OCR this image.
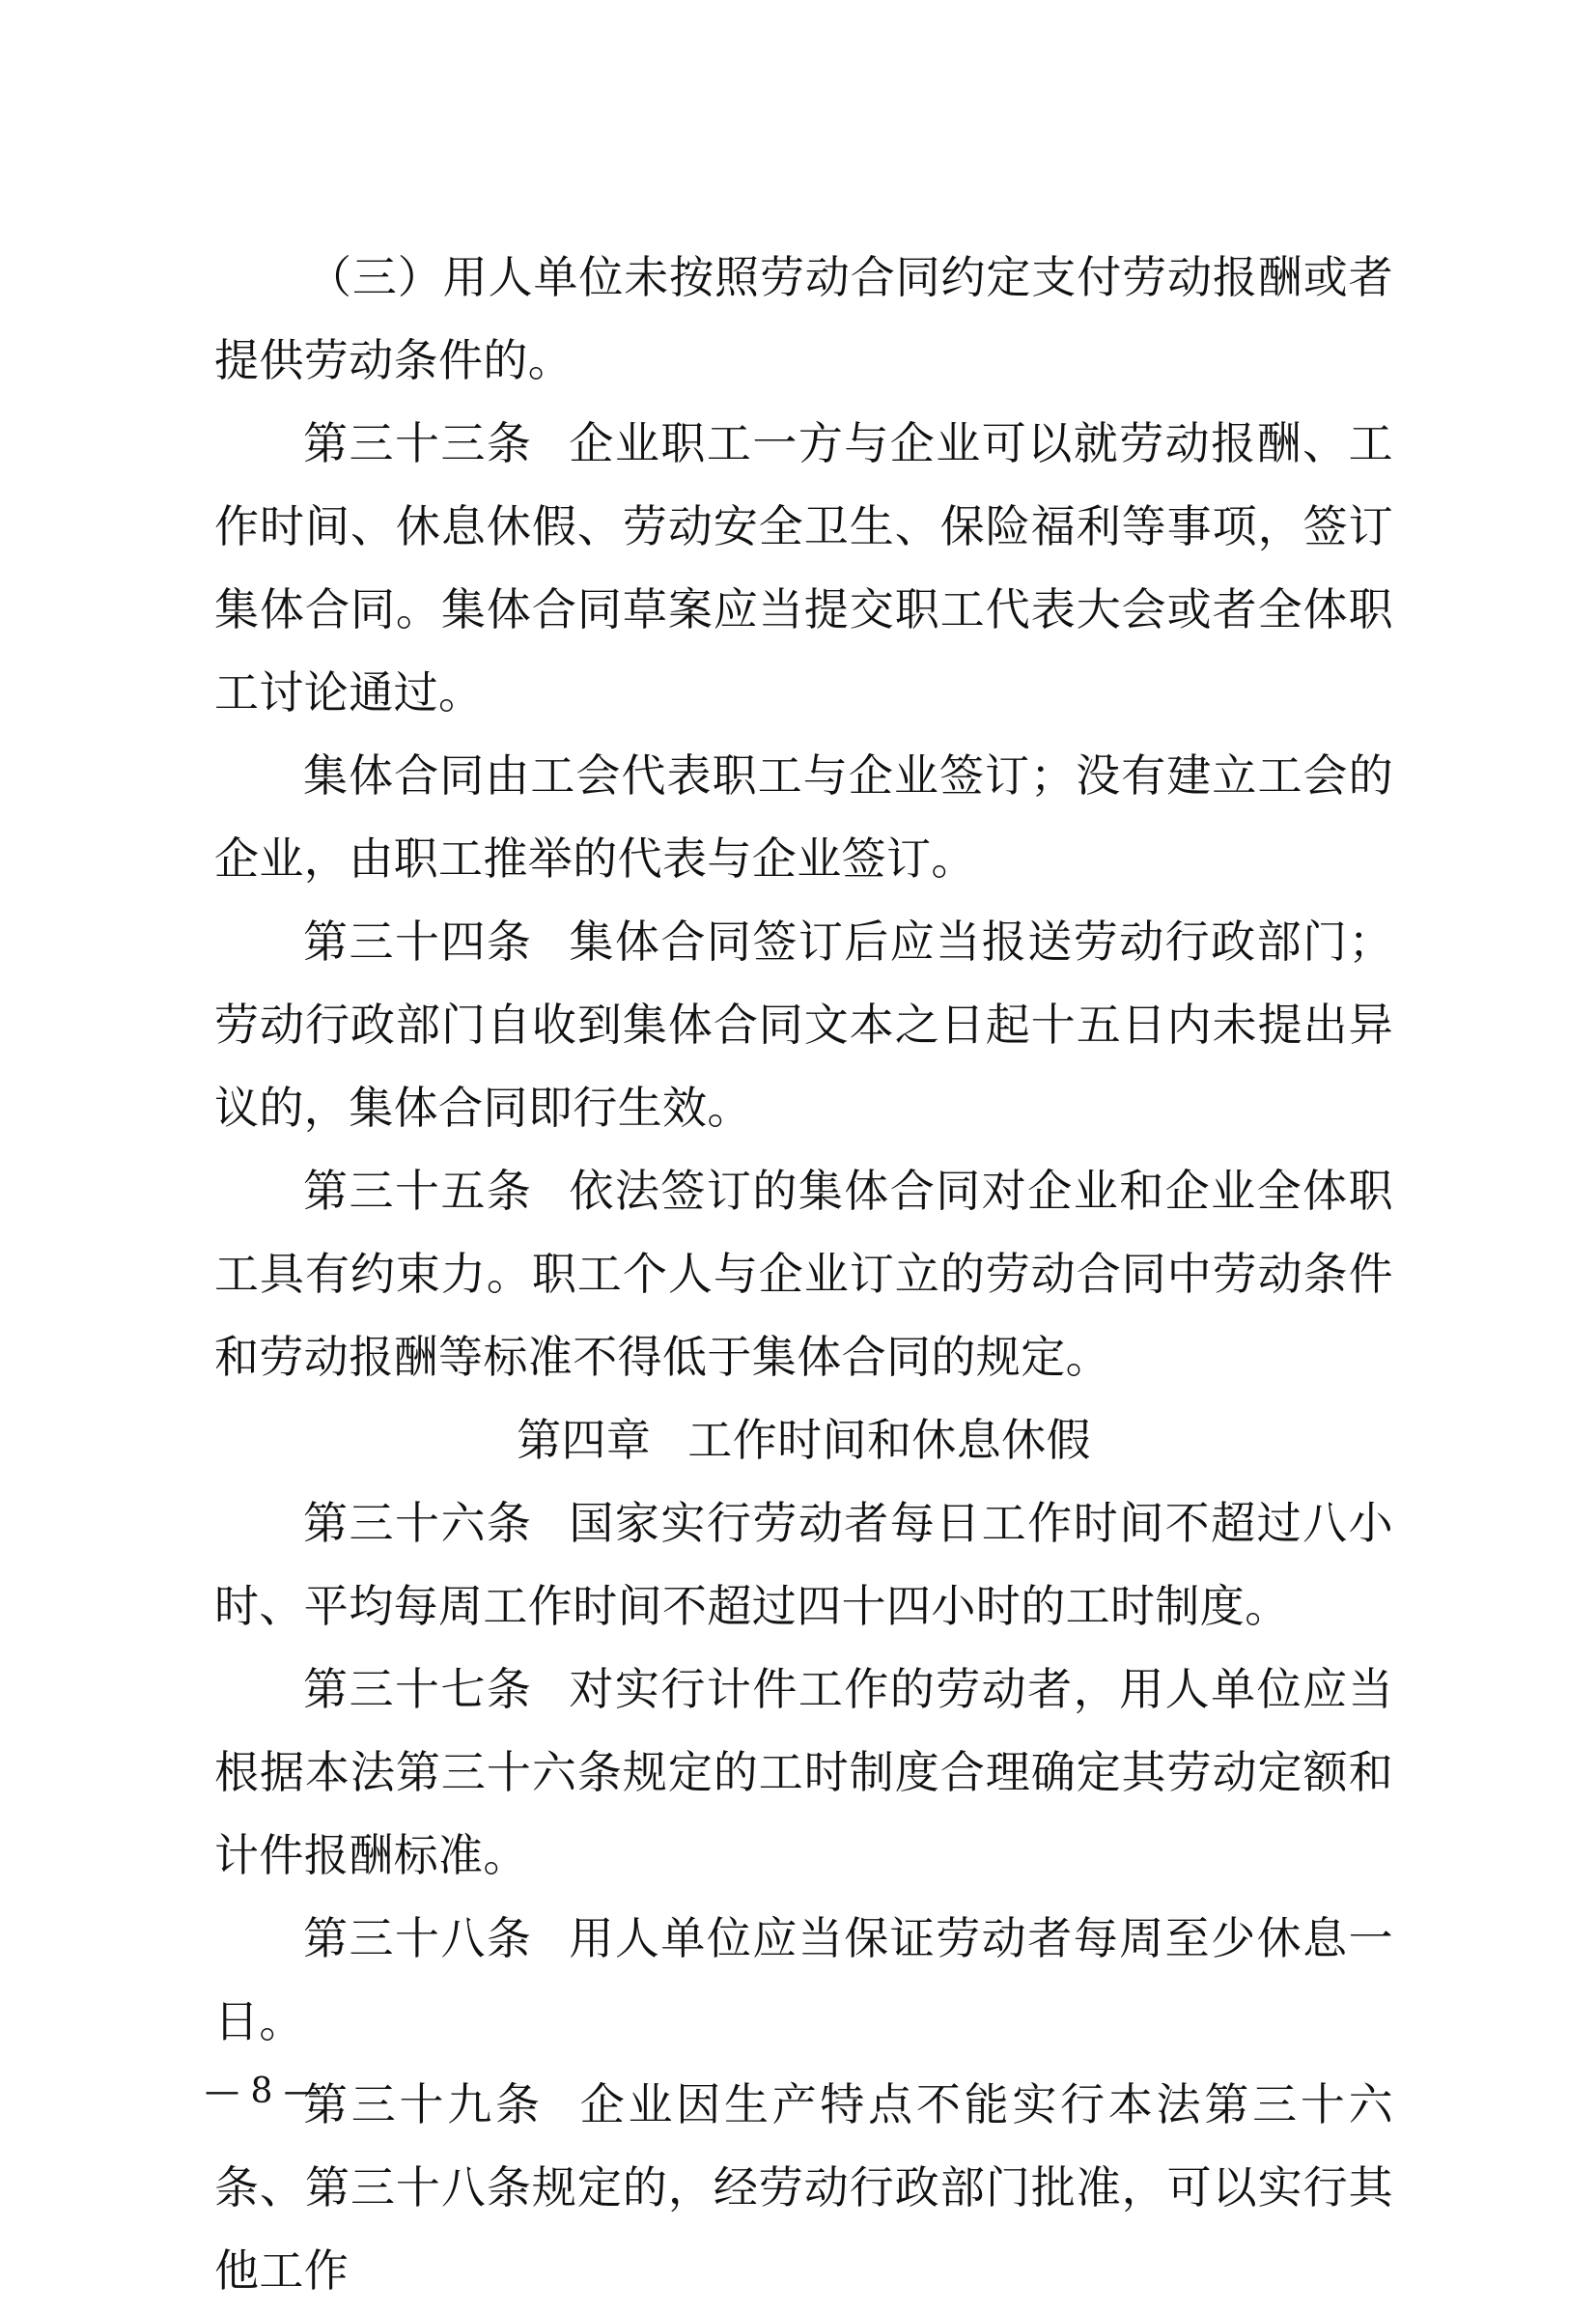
（三）用人单位未按照劳动合同约定支付劳动报酬或者提供劳动条件的。

第三十三条 企业职工一方与企业可以就劳动报酬、工作时间、休息休假、劳动安全卫生、保险福利等事项，签订集体合同。集体合同草案应当提交职工代表大会或者全体职工讨论通过。

集体合同由工会代表职工与企业签订；没有建立工会的企业，由职工推举的代表与企业签订。

第三十四条 集体合同签订后应当报送劳动行政部门；劳动行政部门自收到集体合同文本之日起十五日内未提出异议的，集体合同即行生效。

第三十五条 依法签订的集体合同对企业和企业全体职工具有约束力。职工个人与企业订立的劳动合同中劳动条件和劳动报酬等标准不得低于集体合同的规定。

第四章 工作时间和休息休假

第三十六条 国家实行劳动者每日工作时间不超过八小时、平均每周工作时间不超过四十四小时的工时制度。

第三十七条 对实行计件工作的劳动者，用人单位应当根据本法第三十六条规定的工时制度合理确定其劳动定额和计件报酬标准。

第三十八条 用人单位应当保证劳动者每周至少休息一日。

第三十九条 企业因生产特点不能实行本法第三十六条、第三十八条规定的，经劳动行政部门批准，可以实行其他工作

— 8 —
